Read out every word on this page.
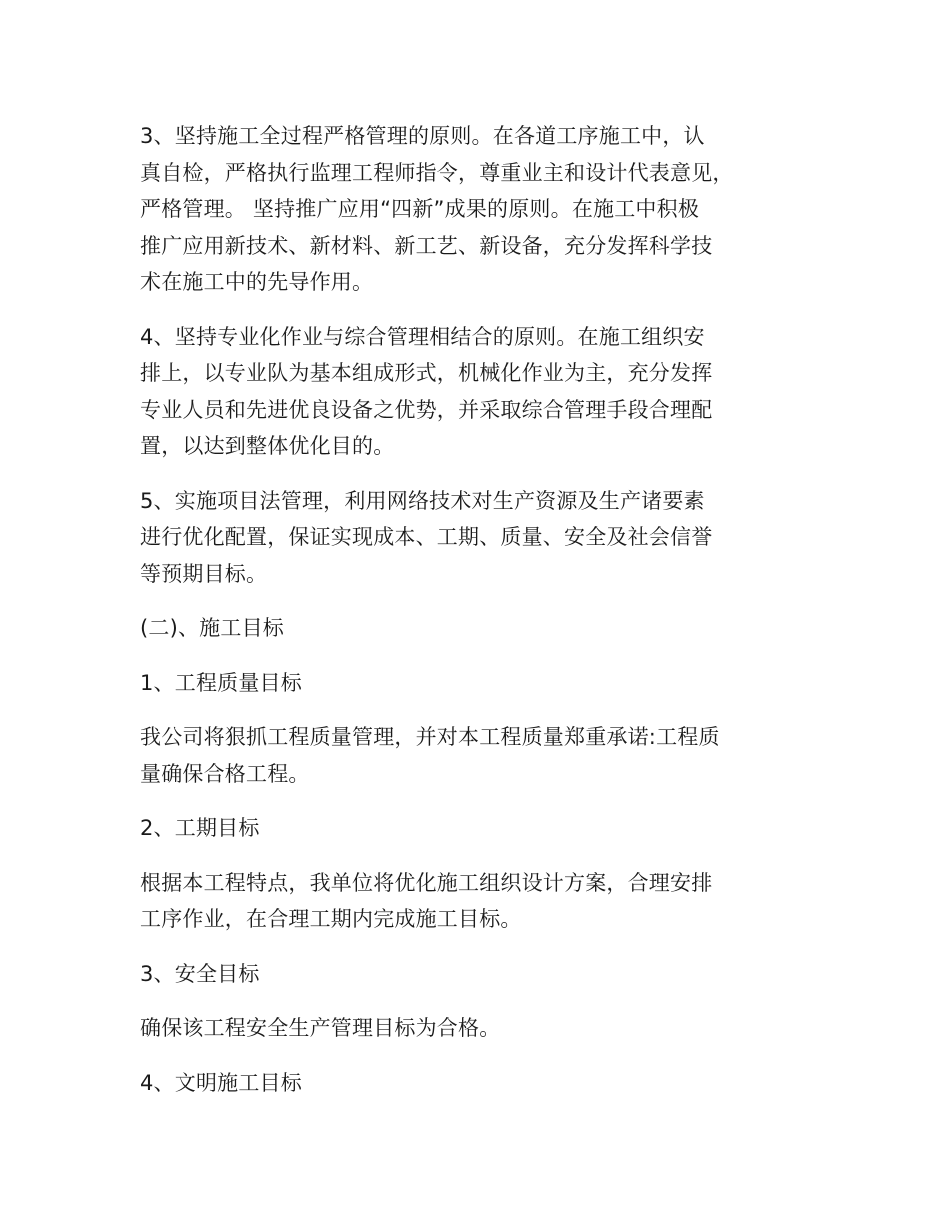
3、坚持施工全过程严格管理的原则。在各道工序施工中，认
真自检，严格执行监理工程师指令，尊重业主和设计代表意见，
严格管理。 坚持推广应用“四新”成果的原则。在施工中积极
推广应用新技术、新材料、新工艺、新设备，充分发挥科学技
术在施工中的先导作用。
4、坚持专业化作业与综合管理相结合的原则。在施工组织安
排上，以专业队为基本组成形式，机械化作业为主，充分发挥
专业人员和先进优良设备之优势，并采取综合管理手段合理配
置，以达到整体优化目的。
5、实施项目法管理，利用网络技术对生产资源及生产诸要素
进行优化配置，保证实现成本、工期、质量、安全及社会信誉
等预期目标。
(二)、施工目标
1、工程质量目标
我公司将狠抓工程质量管理，并对本工程质量郑重承诺:工程质
量确保合格工程。
2、工期目标
根据本工程特点，我单位将优化施工组织设计方案，合理安排
工序作业，在合理工期内完成施工目标。
3、安全目标
确保该工程安全生产管理目标为合格。
4、文明施工目标
